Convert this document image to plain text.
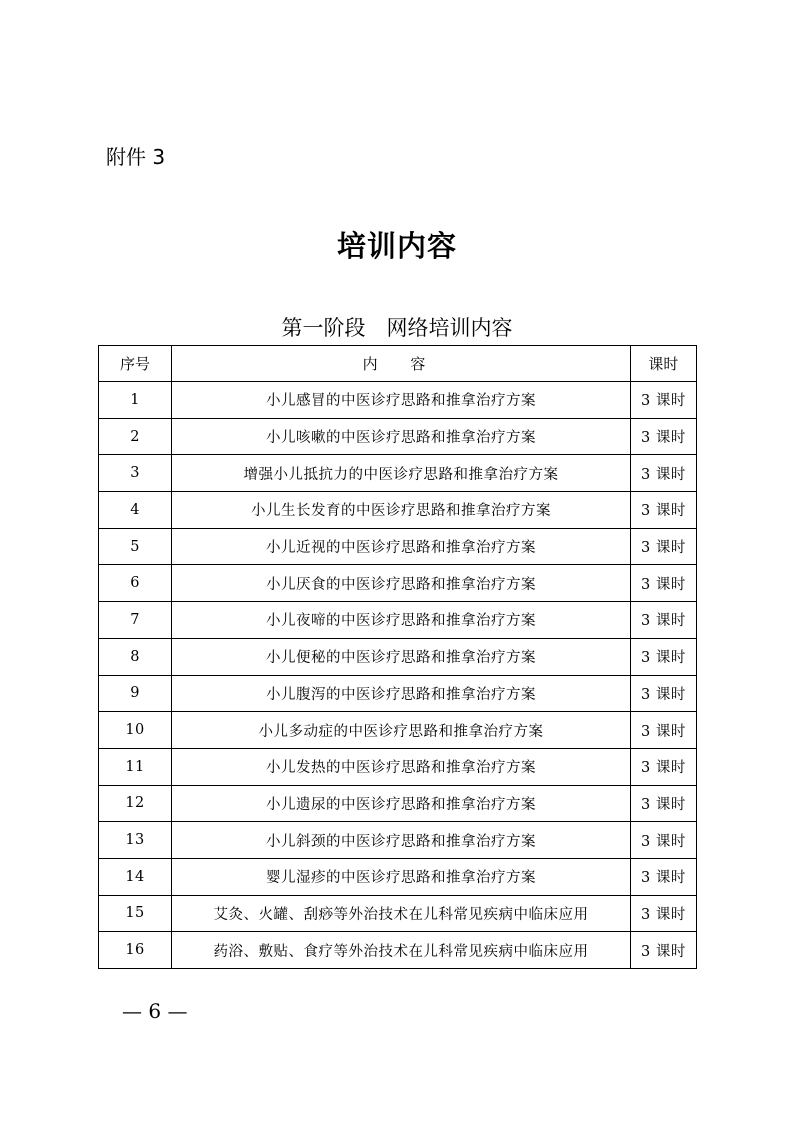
附件 3
培训内容
第一阶段　网络培训内容
序号	内 容	课时
1	小儿感冒的中医诊疗思路和推拿治疗方案	3 课时
2	小儿咳嗽的中医诊疗思路和推拿治疗方案	3 课时
3	增强小儿抵抗力的中医诊疗思路和推拿治疗方案	3 课时
4	小儿生长发育的中医诊疗思路和推拿治疗方案	3 课时
5	小儿近视的中医诊疗思路和推拿治疗方案	3 课时
6	小儿厌食的中医诊疗思路和推拿治疗方案	3 课时
7	小儿夜啼的中医诊疗思路和推拿治疗方案	3 课时
8	小儿便秘的中医诊疗思路和推拿治疗方案	3 课时
9	小儿腹泻的中医诊疗思路和推拿治疗方案	3 课时
10	小儿多动症的中医诊疗思路和推拿治疗方案	3 课时
11	小儿发热的中医诊疗思路和推拿治疗方案	3 课时
12	小儿遗尿的中医诊疗思路和推拿治疗方案	3 课时
13	小儿斜颈的中医诊疗思路和推拿治疗方案	3 课时
14	婴儿湿疹的中医诊疗思路和推拿治疗方案	3 课时
15	艾灸、火罐、刮痧等外治技术在儿科常见疾病中临床应用	3 课时
16	药浴、敷贴、食疗等外治技术在儿科常见疾病中临床应用	3 课时
— 6 —
